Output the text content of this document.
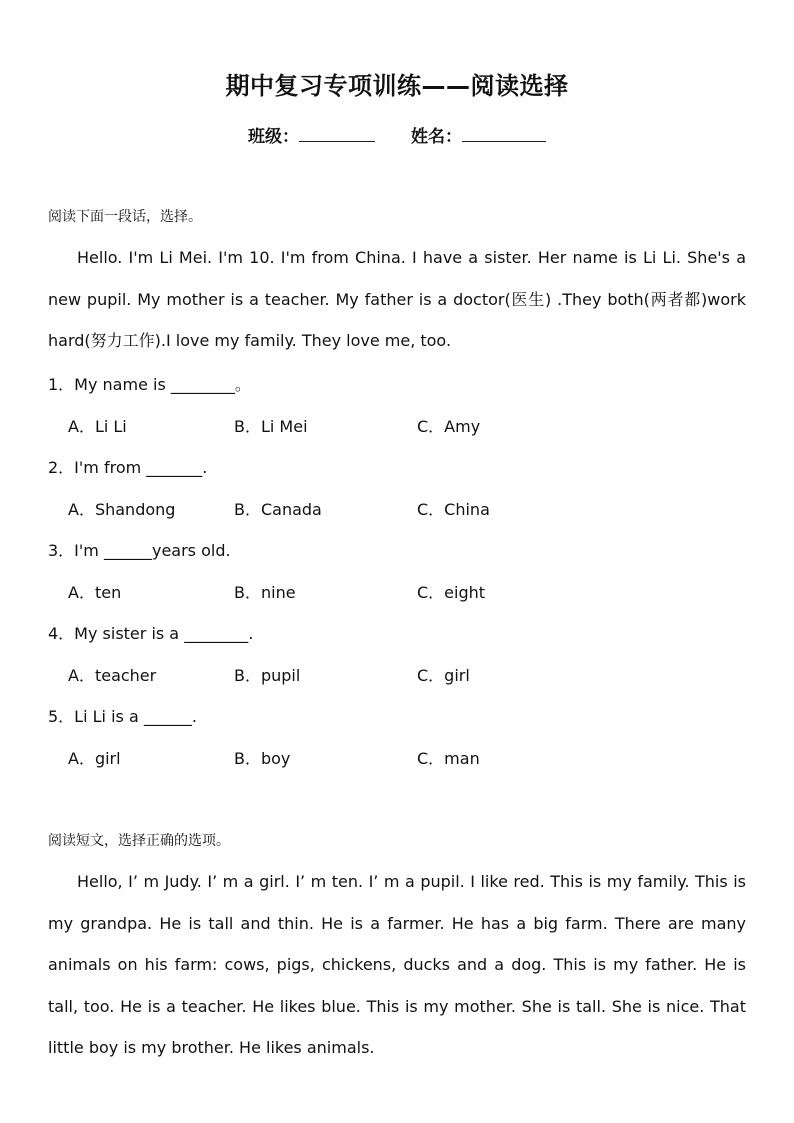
期中复习专项训练——阅读选择
班级：	姓名：
阅读下面一段话，选择。
Hello. I'm Li Mei. I'm 10. I'm from China. I have a sister. Her name is Li Li. She's a new pupil. My mother is a teacher. My father is a doctor(医生) .They both(两者都)work hard(努力工作).I love my family. They love me, too.
1．My name is ________。
A．Li Li	B．Li Mei	C．Amy
2．I'm from _______.
A．Shandong	B．Canada	C．China
3．I'm ______years old.
A．ten	B．nine	C．eight
4．My sister is a ________.
A．teacher	B．pupil	C．girl
5．Li Li is a ______.
A．girl	B．boy	C．man
阅读短文，选择正确的选项。
Hello, I’ m Judy. I’ m a girl. I’ m ten. I’ m a pupil. I like red. This is my family. This is my grandpa. He is tall and thin. He is a farmer. He has a big farm. There are many animals on his farm: cows, pigs, chickens, ducks and a dog. This is my father. He is tall, too. He is a teacher. He likes blue. This is my mother. She is tall. She is nice. That little boy is my brother. He likes animals.
